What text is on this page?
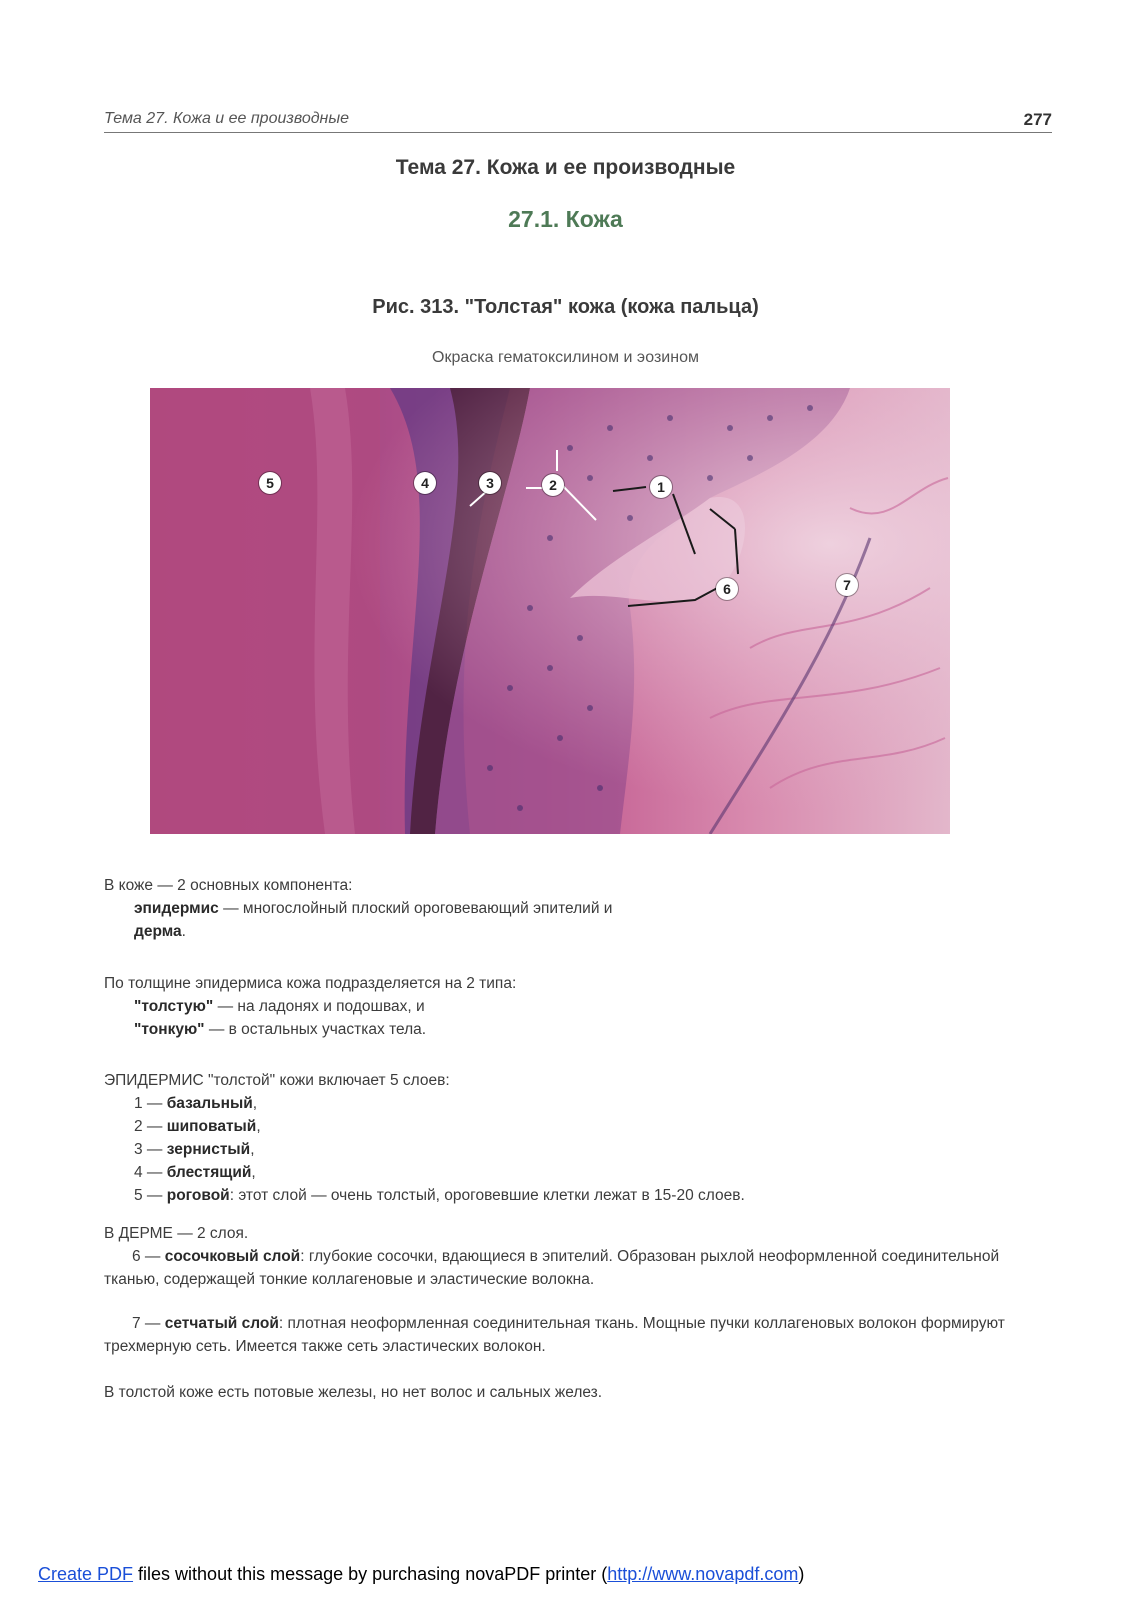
Тема 27. Кожа и ее производные	277
Тема 27. Кожа и ее производные
27.1. Кожа
Рис. 313. "Толстая" кожа (кожа пальца)
Окраска гематоксилином и эозином
5	4	3	2	1
6	7

В коже — 2 основных компонента:

эпидермис — многослойный плоский ороговевающий эпителий и

дерма.

По толщине эпидермиса кожа подразделяется на 2 типа:

"толстую" — на ладонях и подошвах, и

"тонкую" — в остальных участках тела.

ЭПИДЕРМИС "толстой" кожи включает 5 слоев:

1 — базальный,

2 — шиповатый,

3 — зернистый,

4 — блестящий,

5 — роговой: этот слой — очень толстый, ороговевшие клетки лежат в 15-20 слоев.

В ДЕРМЕ — 2 слоя.

6 — сосочковый слой: глубокие сосочки, вдающиеся в эпителий. Образован рыхлой неоформленной соединительной тканью, содержащей тонкие коллагеновые и эластические волокна.

7 — сетчатый слой: плотная неоформленная соединительная ткань. Мощные пучки коллагеновых волокон формируют трехмерную сеть. Имеется также сеть эластических волокон.

В толстой коже есть потовые железы, но нет волос и сальных желез.
Create PDF files without this message by purchasing novaPDF printer (http://www.novapdf.com)
